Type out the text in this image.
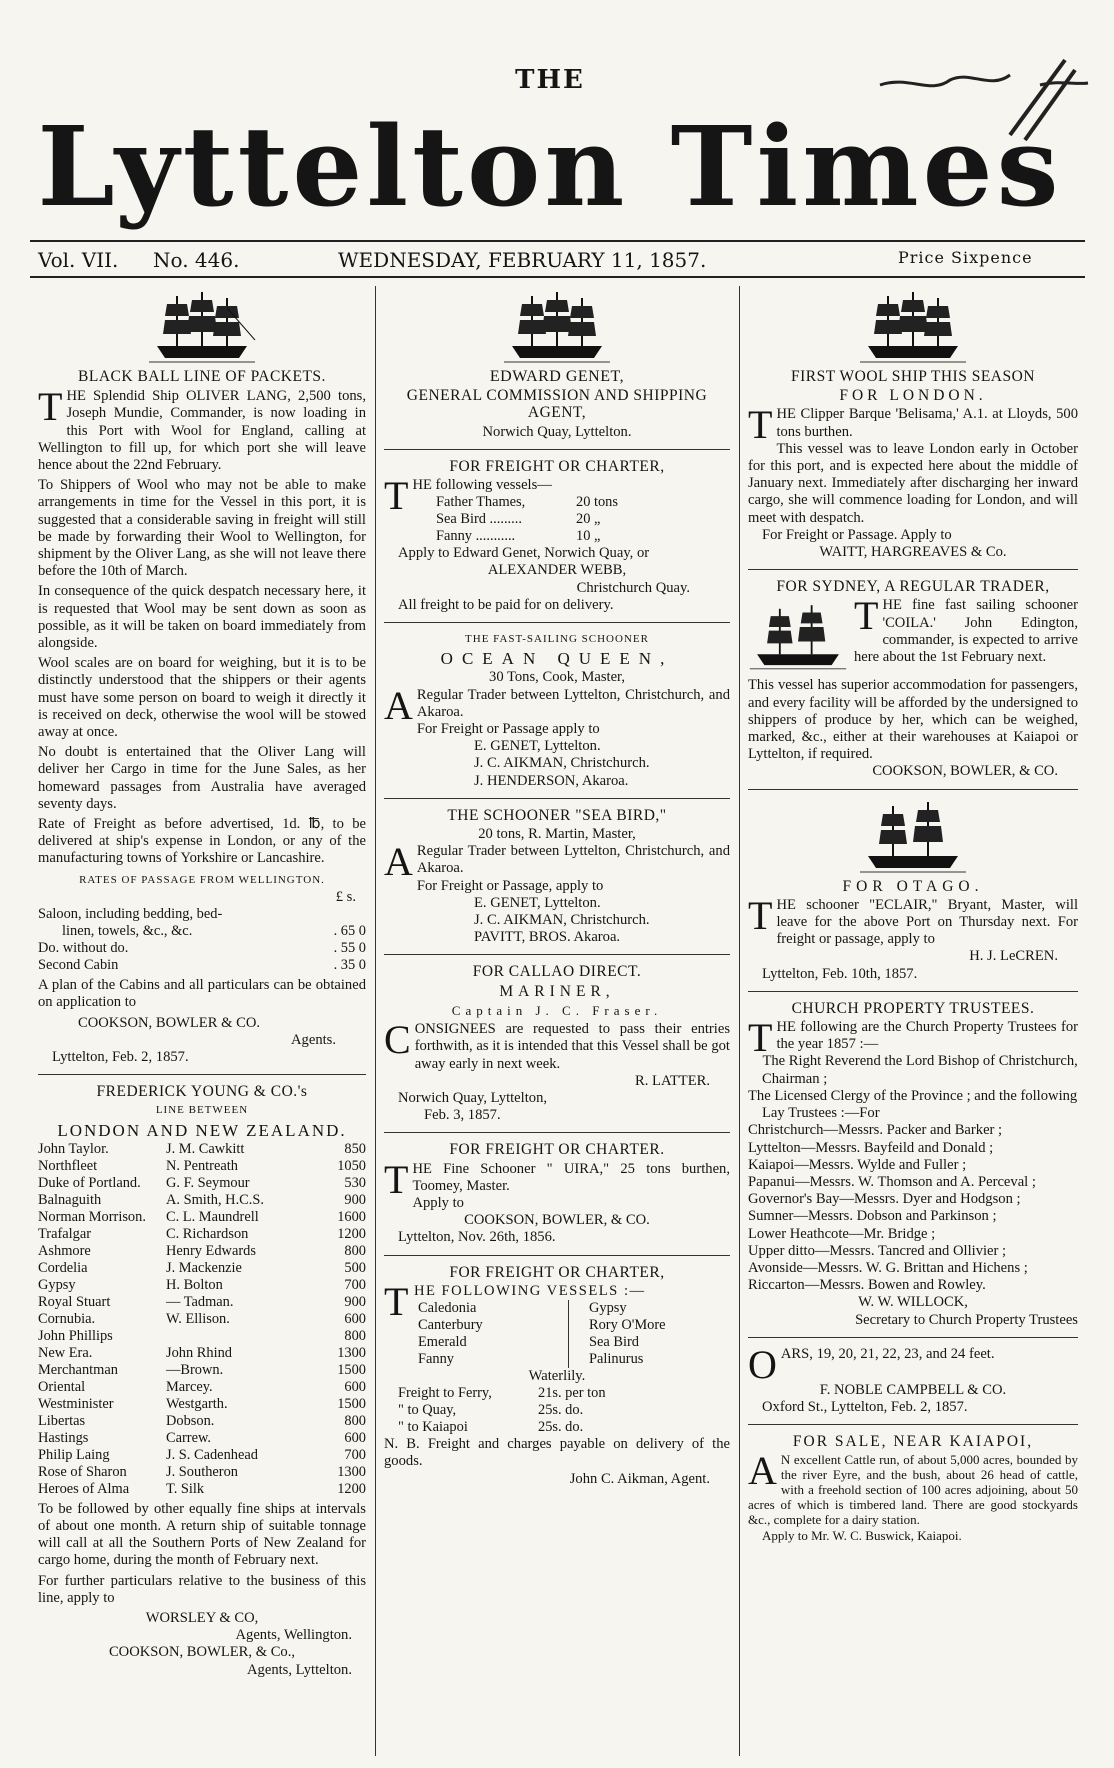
THE
Lyttelton Times
Vol. VII. No. 446.	WEDNESDAY, FEBRUARY 11, 1857.	Price Sixpence
BLACK BALL LINE OF PACKETS.

THE Splendid Ship OLIVER LANG, 2,500 tons, Joseph Mundie, Commander, is now loading in this Port with Wool for England, calling at Wellington to fill up, for which port she will leave hence about the 22nd February.

To Shippers of Wool who may not be able to make arrangements in time for the Vessel in this port, it is suggested that a considerable saving in freight will still be made by forwarding their Wool to Wellington, for shipment by the Oliver Lang, as she will not leave there before the 10th of March.

In consequence of the quick despatch necessary here, it is requested that Wool may be sent down as soon as possible, as it will be taken on board immediately from alongside.

Wool scales are on board for weighing, but it is to be distinctly understood that the shippers or their agents must have some person on board to weigh it directly it is received on deck, otherwise the wool will be stowed away at once.

No doubt is entertained that the Oliver Lang will deliver her Cargo in time for the June Sales, as her homeward passages from Australia have averaged seventy days.

Rate of Freight as before advertised, 1d. ℔, to be delivered at ship's expense in London, or any of the manufacturing towns of Yorkshire or Lancashire.

RATES OF PASSAGE FROM WELLINGTON.
£ s.
Saloon, including bedding, bed-	
linen, towels, &c., &c.	. 65 0
Do. without do.	. 55 0
Second Cabin	. 35 0

A plan of the Cabins and all particulars can be obtained on application to

COOKSON, BOWLER & CO.

Agents.

Lyttelton, Feb. 2, 1857.

FREDERICK YOUNG & CO.'s
LINE BETWEEN
LONDON AND NEW ZEALAND.
John Taylor.	J. M. Cawkitt	850
Northfleet	N. Pentreath	1050
Duke of Portland.	G. F. Seymour	530
Balnaguith	A. Smith, H.C.S.	900
Norman Morrison.	C. L. Maundrell	1600
Trafalgar	C. Richardson	1200
Ashmore	Henry Edwards	800
Cordelia	J. Mackenzie	500
Gypsy	H. Bolton	700
Royal Stuart	— Tadman.	900
Cornubia.	W. Ellison.	600
John Phillips		800
New Era.	John Rhind	1300
Merchantman	—Brown.	1500
Oriental	Marcey.	600
Westminister	Westgarth.	1500
Libertas	Dobson.	800
Hastings	Carrew.	600
Philip Laing	J. S. Cadenhead	700
Rose of Sharon	J. Southeron	1300
Heroes of Alma	T. Silk	1200

To be followed by other equally fine ships at intervals of about one month. A return ship of suitable tonnage will call at all the Southern Ports of New Zealand for cargo home, during the month of February next.

For further particulars relative to the business of this line, apply to

WORSLEY & CO,

Agents, Wellington.

COOKSON, BOWLER, & Co.,

Agents, Lyttelton.

EDWARD GENET,
GENERAL COMMISSION AND SHIPPING AGENT,

Norwich Quay, Lyttelton.

FOR FREIGHT OR CHARTER,

THE following vessels—

Father Thames,	20 tons
Sea Bird .........	20 „
Fanny ...........	10 „

Apply to Edward Genet, Norwich Quay, or

ALEXANDER WEBB,

Christchurch Quay.

All freight to be paid for on delivery.

THE FAST-SAILING SCHOONER
OCEAN QUEEN,

30 Tons, Cook, Master,

A Regular Trader between Lyttelton, Christchurch, and Akaroa.

For Freight or Passage apply to

E. GENET, Lyttelton.

J. C. AIKMAN, Christchurch.

J. HENDERSON, Akaroa.

THE SCHOONER "SEA BIRD,"

20 tons, R. Martin, Master,

A Regular Trader between Lyttelton, Christchurch, and Akaroa.

For Freight or Passage, apply to

E. GENET, Lyttelton.

J. C. AIKMAN, Christchurch.

PAVITT, BROS. Akaroa.

FOR CALLAO DIRECT.
MARINER,
Captain J. C. Fraser.

CONSIGNEES are requested to pass their entries forthwith, as it is intended that this Vessel shall be got away early in next week.

R. LATTER.

Norwich Quay, Lyttelton,

Feb. 3, 1857.

FOR FREIGHT OR CHARTER.

THE Fine Schooner " UIRA," 25 tons burthen, Toomey, Master.

Apply to

COOKSON, BOWLER, & CO.

Lyttelton, Nov. 26th, 1856.

FOR FREIGHT OR CHARTER,

THE FOLLOWING VESSELS :—

Caledonia	Gypsy
Canterbury	Rory O'More
Emerald	Sea Bird
Fanny	Palinurus

Waterlily.

Freight to Ferry,	21s. per ton
" to Quay,	25s. do.
" to Kaiapoi	25s. do.

N. B. Freight and charges payable on delivery of the goods.

John C. Aikman, Agent.

FIRST WOOL SHIP THIS SEASON
FOR LONDON.

THE Clipper Barque 'Belisama,' A.1. at Lloyds, 500 tons burthen.

This vessel was to leave London early in October for this port, and is expected here about the middle of January next. Immediately after discharging her inward cargo, she will commence loading for London, and will meet with despatch.

For Freight or Passage. Apply to

WAITT, HARGREAVES & Co.

FOR SYDNEY, A REGULAR TRADER,

THE fine fast sailing schooner 'COILA.' John Edington, commander, is expected to arrive here about the 1st February next.

This vessel has superior accommodation for passengers, and every facility will be afforded by the undersigned to shippers of produce by her, which can be weighed, marked, &c., either at their warehouses at Kaiapoi or Lyttelton, if required.

COOKSON, BOWLER, & CO.

FOR OTAGO.

THE schooner "ECLAIR," Bryant, Master, will leave for the above Port on Thursday next. For freight or passage, apply to

H. J. LeCREN.

Lyttelton, Feb. 10th, 1857.

CHURCH PROPERTY TRUSTEES.

THE following are the Church Property Trustees for the year 1857 :—

The Right Reverend the Lord Bishop of Christchurch, Chairman ;

The Licensed Clergy of the Province ; and the following Lay Trustees :—For

Christchurch—Messrs. Packer and Barker ;

Lyttelton—Messrs. Bayfeild and Donald ;

Kaiapoi—Messrs. Wylde and Fuller ;

Papanui—Messrs. W. Thomson and A. Perceval ;

Governor's Bay—Messrs. Dyer and Hodgson ;

Sumner—Messrs. Dobson and Parkinson ;

Lower Heathcote—Mr. Bridge ;

Upper ditto—Messrs. Tancred and Ollivier ;

Avonside—Messrs. W. G. Brittan and Hichens ;

Riccarton—Messrs. Bowen and Rowley.

W. W. WILLOCK,

Secretary to Church Property Trustees

OARS, 19, 20, 21, 22, 23, and 24 feet.

F. NOBLE CAMPBELL & CO.

Oxford St., Lyttelton, Feb. 2, 1857.

FOR SALE, NEAR KAIAPOI,

A N excellent Cattle run, of about 5,000 acres, bounded by the river Eyre, and the bush, about 26 head of cattle, with a freehold section of 100 acres adjoining, about 50 acres of which is timbered land. There are good stockyards &c., complete for a dairy station.

Apply to Mr. W. C. Buswick, Kaiapoi.
